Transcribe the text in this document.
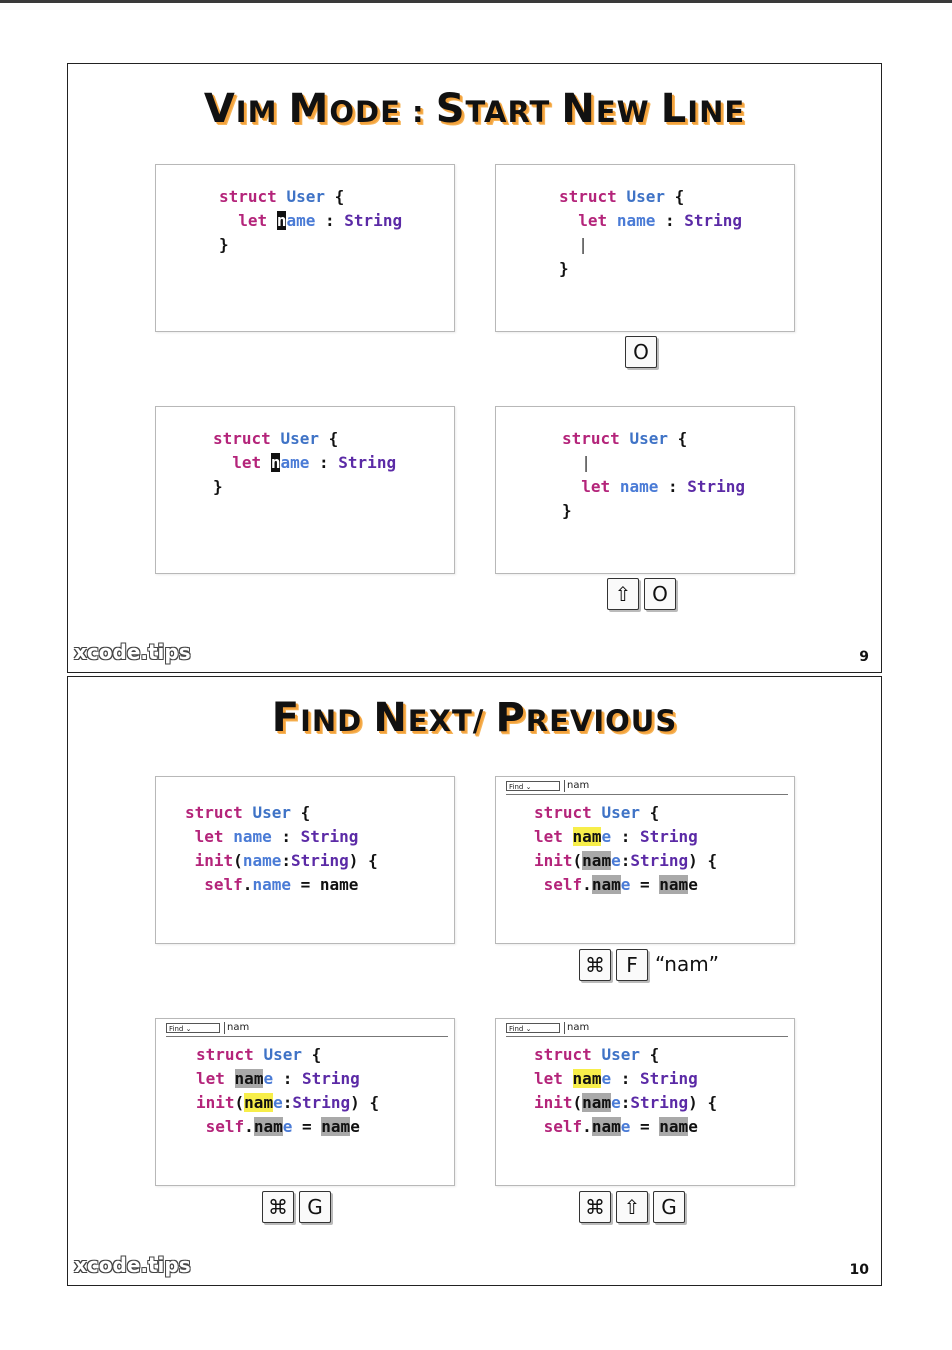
VIM MODE : START NEW LINE
struct User {
let name : String
}
struct User {
let name : String
|
}
O
struct User {
let name : String
}
struct User {
|
let name : String
}
⇧ O
xcode.tips	9
FIND NEXT/ PREVIOUS
struct User {
let name : String
init(name:String) {
self.name = name
Find ⌄	nam
struct User {
let name : String
init(name:String) {
self.name = name
⌘ F “nam”
Find ⌄	nam
struct User {
let name : String
init(name:String) {
self.name = name
⌘ G
Find ⌄	nam
struct User {
let name : String
init(name:String) {
self.name = name
⌘ ⇧ G
xcode.tips	10
